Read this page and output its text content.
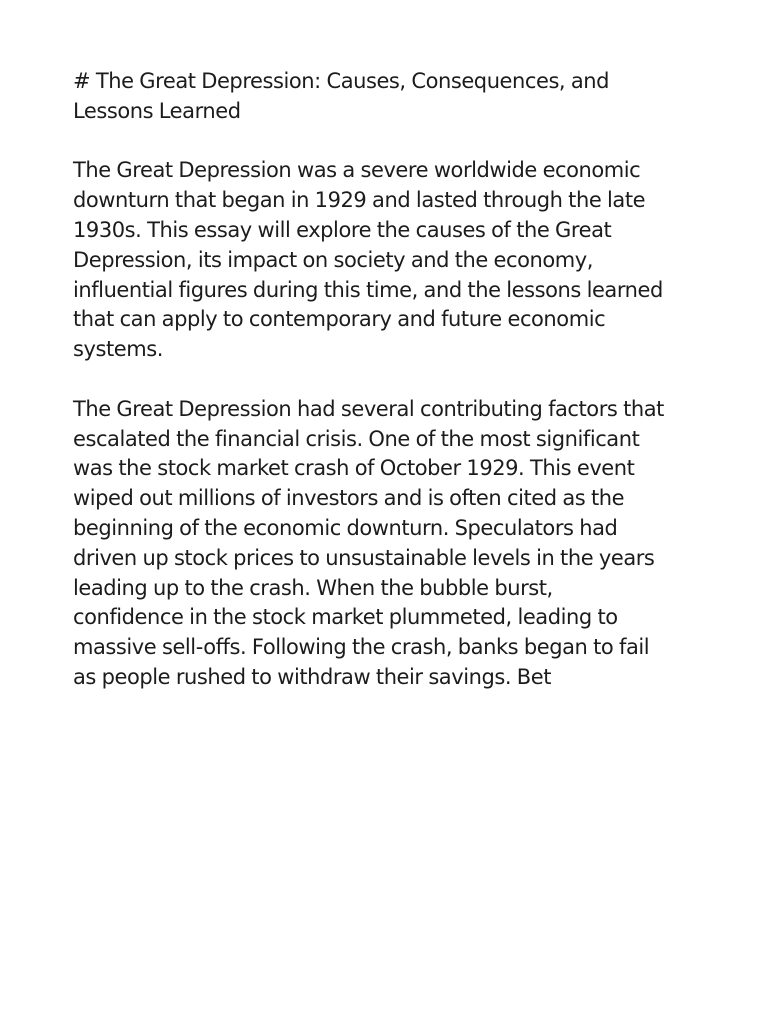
# The Great Depression: Causes, Consequences, and
Lessons Learned

The Great Depression was a severe worldwide economic
downturn that began in 1929 and lasted through the late
1930s. This essay will explore the causes of the Great
Depression, its impact on society and the economy,
influential figures during this time, and the lessons learned
that can apply to contemporary and future economic
systems.

The Great Depression had several contributing factors that
escalated the financial crisis. One of the most significant
was the stock market crash of October 1929. This event
wiped out millions of investors and is often cited as the
beginning of the economic downturn. Speculators had
driven up stock prices to unsustainable levels in the years
leading up to the crash. When the bubble burst,
confidence in the stock market plummeted, leading to
massive sell-offs. Following the crash, banks began to fail
as people rushed to withdraw their savings. Bet
